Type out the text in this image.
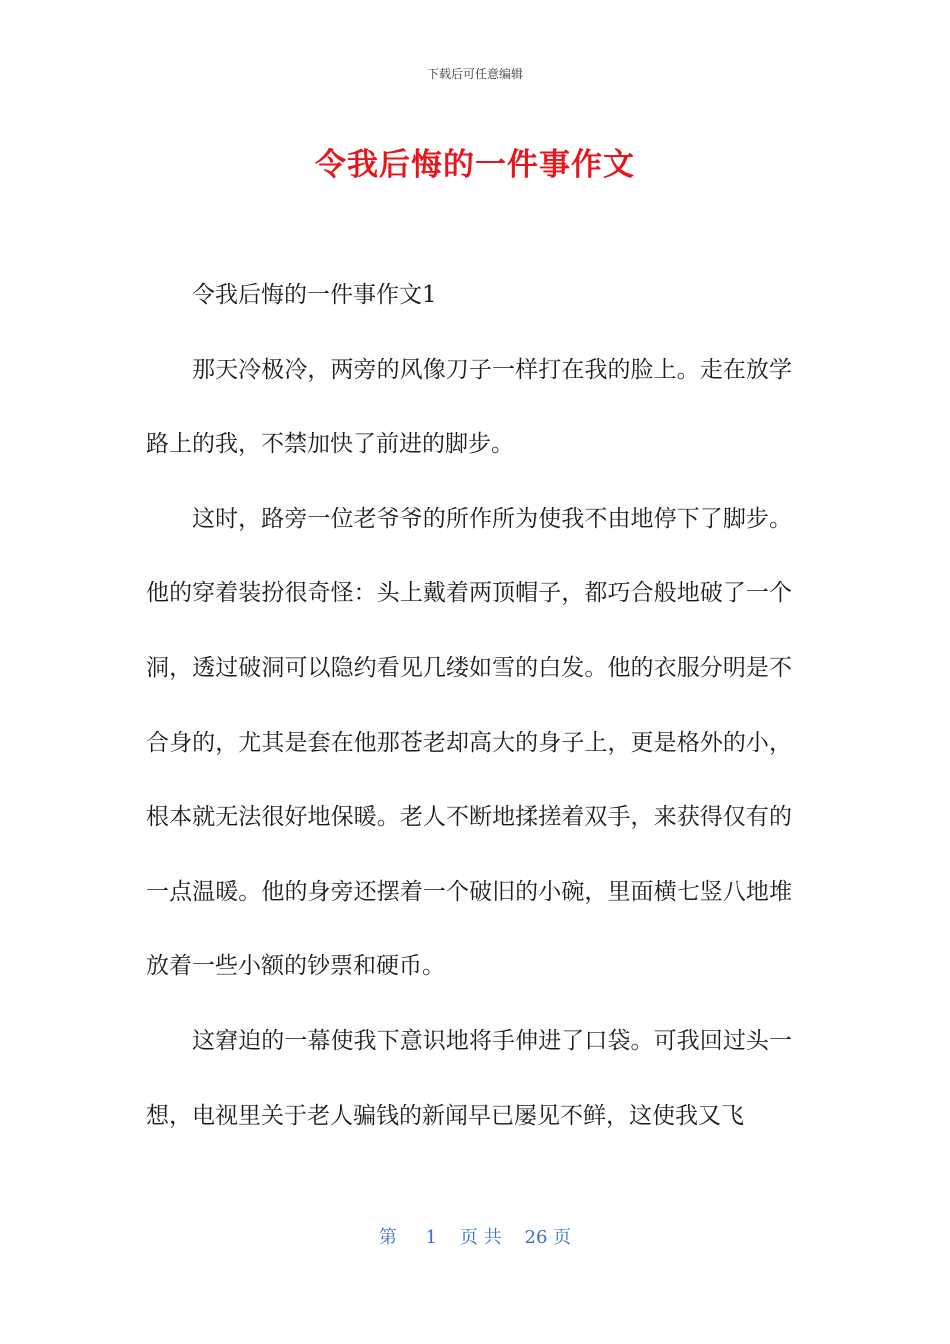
下载后可任意编辑
令我后悔的一件事作文

令我后悔的一件事作文1

那天冷极冷，两旁的风像刀子一样打在我的脸上。走在放学路上的我，不禁加快了前进的脚步。

这时，路旁一位老爷爷的所作所为使我不由地停下了脚步。他的穿着装扮很奇怪：头上戴着两顶帽子，都巧合般地破了一个洞，透过破洞可以隐约看见几缕如雪的白发。他的衣服分明是不合身的，尤其是套在他那苍老却高大的身子上，更是格外的小，根本就无法很好地保暖。老人不断地揉搓着双手，来获得仅有的一点温暖。他的身旁还摆着一个破旧的小碗，里面横七竖八地堆放着一些小额的钞票和硬币。

这窘迫的一幕使我下意识地将手伸进了口袋。可我回过头一想，电视里关于老人骗钱的新闻早已屡见不鲜，这使我又飞

第 1 页 共 26 页
